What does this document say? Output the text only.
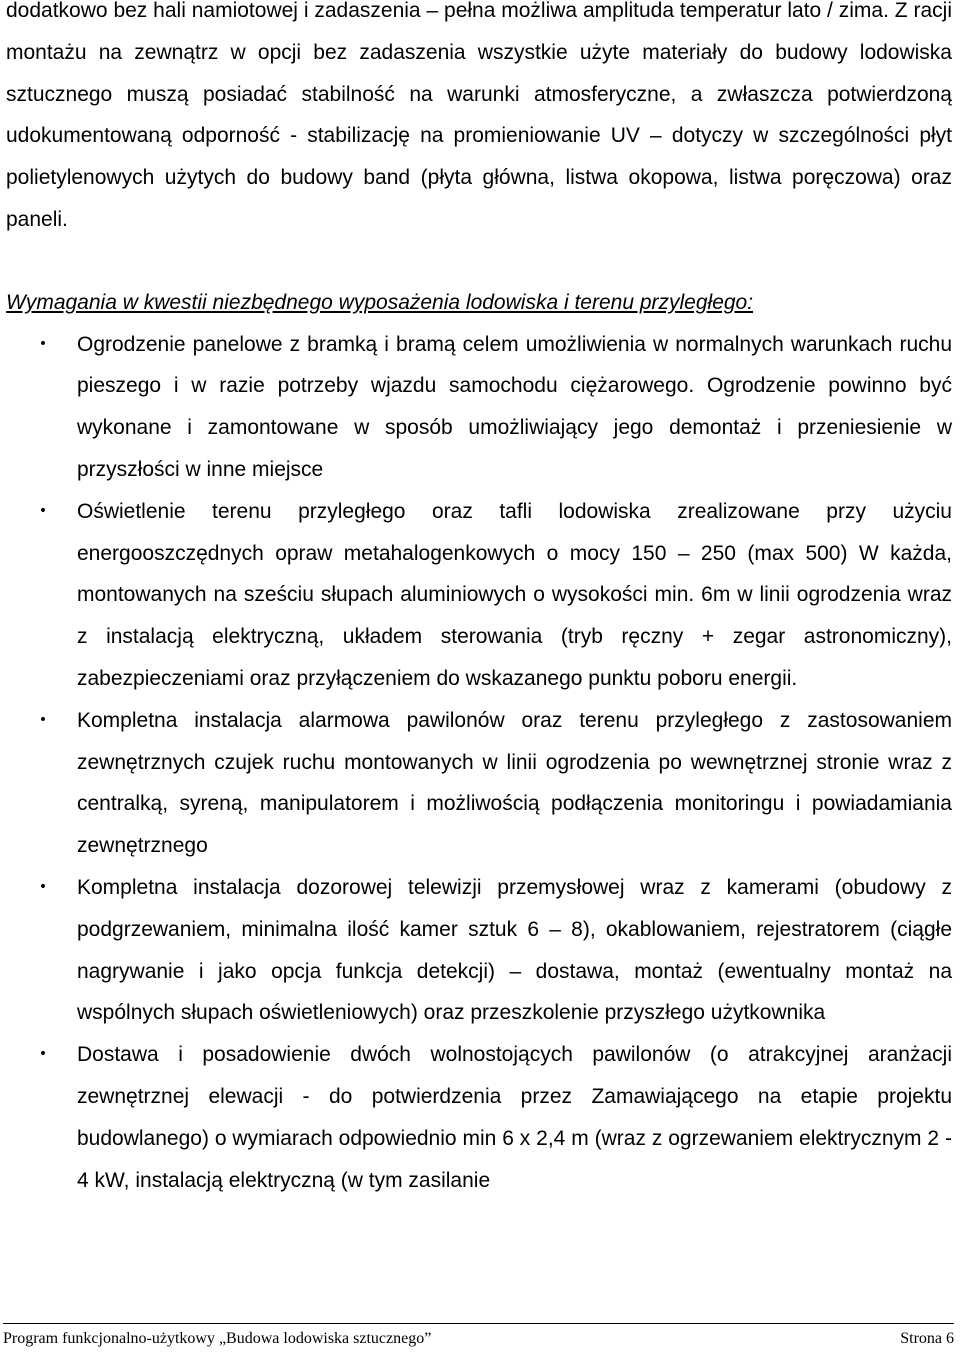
dodatkowo bez hali namiotowej i zadaszenia – pełna możliwa amplituda temperatur lato / zima. Z racji montażu na zewnątrz w opcji bez zadaszenia wszystkie użyte materiały do budowy lodowiska sztucznego muszą posiadać stabilność na warunki atmosferyczne, a zwłaszcza potwierdzoną udokumentowaną odporność - stabilizację na promieniowanie UV – dotyczy w szczególności płyt polietylenowych użytych do budowy band (płyta główna, listwa okopowa, listwa poręczowa) oraz paneli.

Wymagania w kwestii niezbędnego wyposażenia lodowiska i terenu przyległego:

• Ogrodzenie panelowe z bramką i bramą celem umożliwienia w normalnych warunkach ruchu pieszego i w razie potrzeby wjazdu samochodu ciężarowego. Ogrodzenie powinno być wykonane i zamontowane w sposób umożliwiający jego demontaż i przeniesienie w przyszłości w inne miejsce
• Oświetlenie terenu przyległego oraz tafli lodowiska zrealizowane przy użyciu energooszczędnych opraw metahalogenkowych o mocy 150 – 250 (max 500) W każda, montowanych na sześciu słupach aluminiowych o wysokości min. 6m w linii ogrodzenia wraz z instalacją elektryczną, układem sterowania (tryb ręczny + zegar astronomiczny), zabezpieczeniami oraz przyłączeniem do wskazanego punktu poboru energii.
• Kompletna instalacja alarmowa pawilonów oraz terenu przyległego z zastosowaniem zewnętrznych czujek ruchu montowanych w linii ogrodzenia po wewnętrznej stronie wraz z centralką, syreną, manipulatorem i możliwością podłączenia monitoringu i powiadamiania zewnętrznego
• Kompletna instalacja dozorowej telewizji przemysłowej wraz z kamerami (obudowy z podgrzewaniem, minimalna ilość kamer sztuk 6 – 8), okablowaniem, rejestratorem (ciągłe nagrywanie i jako opcja funkcja detekcji) – dostawa, montaż (ewentualny montaż na wspólnych słupach oświetleniowych) oraz przeszkolenie przyszłego użytkownika
• Dostawa i posadowienie dwóch wolnostojących pawilonów (o atrakcyjnej aranżacji zewnętrznej elewacji - do potwierdzenia przez Zamawiającego na etapie projektu budowlanego) o wymiarach odpowiednio min 6 x 2,4 m (wraz z ogrzewaniem elektrycznym 2 - 4 kW, instalacją elektryczną (w tym zasilanie
Program funkcjonalno-użytkowy „Budowa lodowiska sztucznego”	Strona 6
